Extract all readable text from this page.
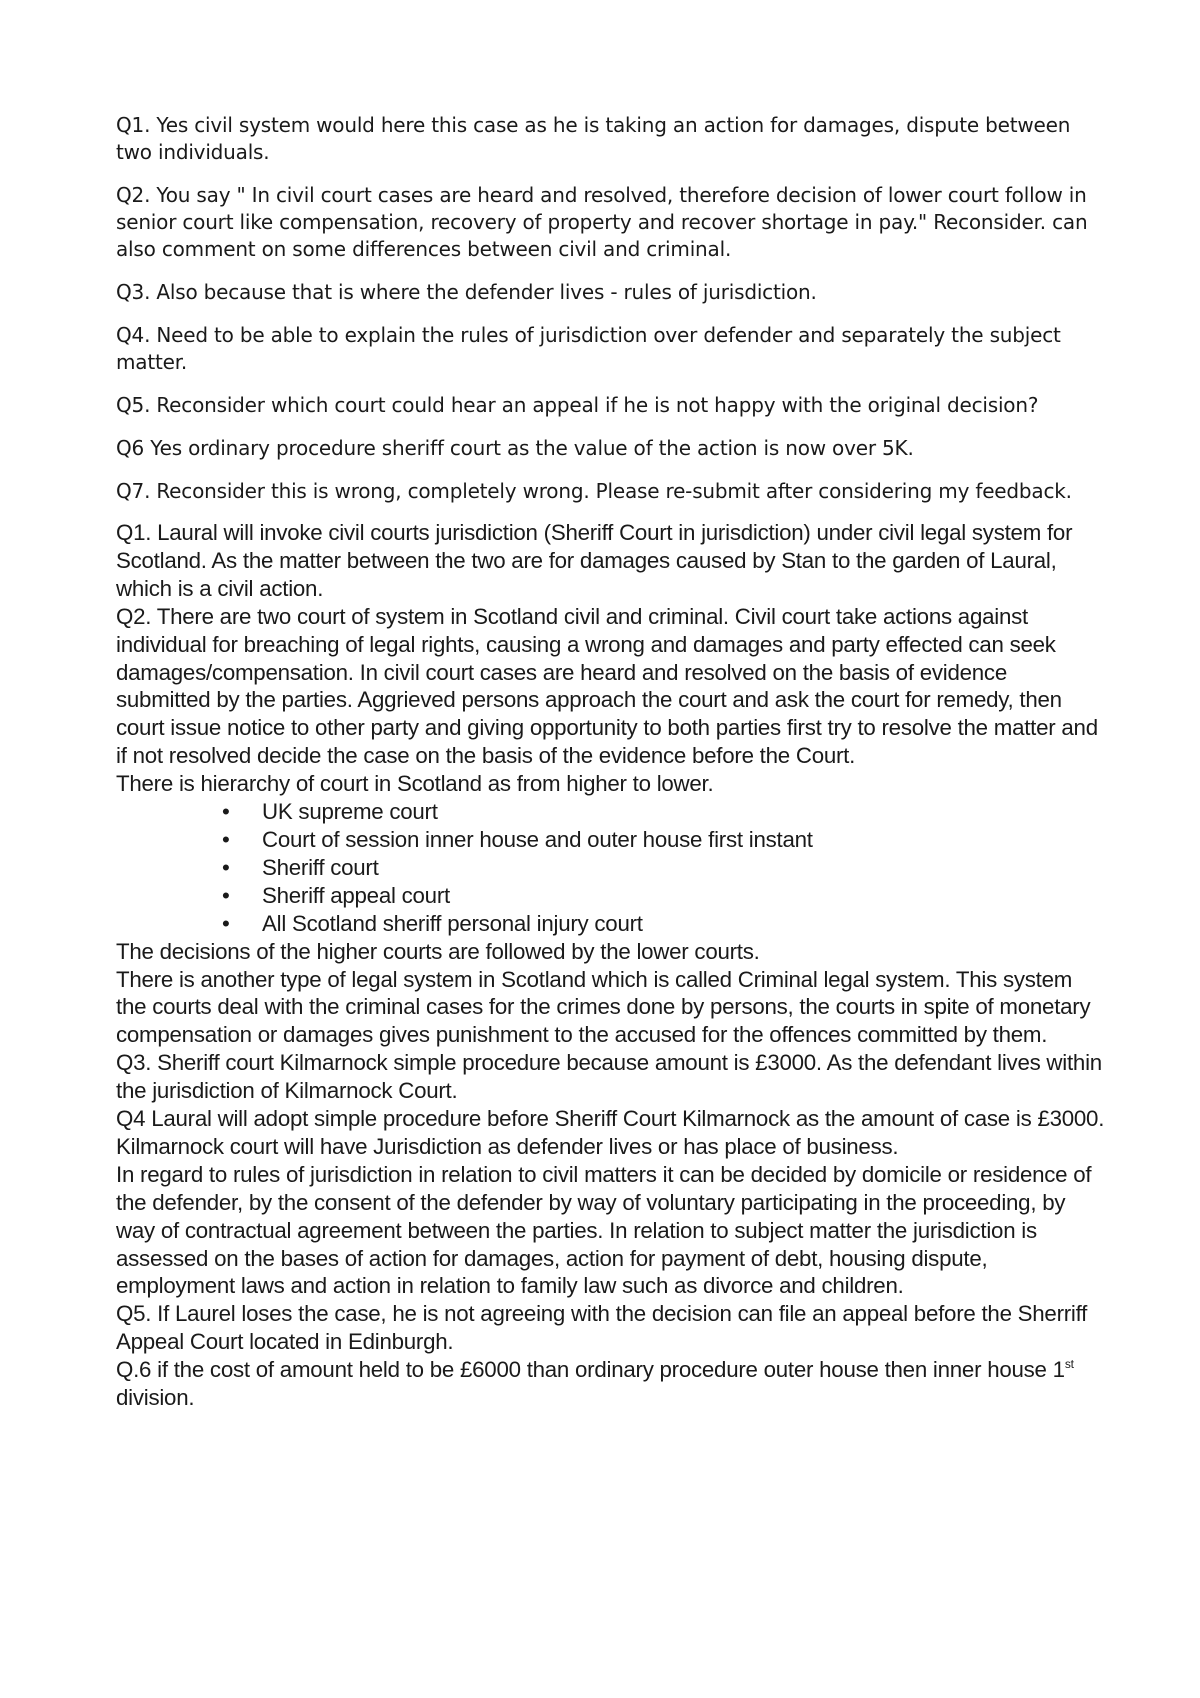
Q1. Yes civil system would here this case as he is taking an action for damages, dispute between two individuals.

Q2. You say " In civil court cases are heard and resolved, therefore decision of lower court follow in senior court like compensation, recovery of property and recover shortage in pay." Reconsider. can also comment on some differences between civil and criminal.

Q3. Also because that is where the defender lives - rules of jurisdiction.

Q4. Need to be able to explain the rules of jurisdiction over defender and separately the subject matter.

Q5. Reconsider which court could hear an appeal if he is not happy with the original decision?

Q6 Yes ordinary procedure sheriff court as the value of the action is now over 5K.

Q7. Reconsider this is wrong, completely wrong. Please re-submit after considering my feedback.

Q1. Laural will invoke civil courts jurisdiction (Sheriff Court in jurisdiction) under civil legal system for Scotland. As the matter between the two are for damages caused by Stan to the garden of Laural, which is a civil action.

Q2. There are two court of system in Scotland civil and criminal. Civil court take actions against individual for breaching of legal rights, causing a wrong and damages and party effected can seek damages/compensation. In civil court cases are heard and resolved on the basis of evidence submitted by the parties. Aggrieved persons approach the court and ask the court for remedy, then court issue notice to other party and giving opportunity to both parties first try to resolve the matter and if not resolved decide the case on the basis of the evidence before the Court.

There is hierarchy of court in Scotland as from higher to lower.

• UK supreme court
• Court of session inner house and outer house first instant
• Sheriff court
• Sheriff appeal court
• All Scotland sheriff personal injury court

The decisions of the higher courts are followed by the lower courts.

There is another type of legal system in Scotland which is called Criminal legal system. This system the courts deal with the criminal cases for the crimes done by persons, the courts in spite of monetary compensation or damages gives punishment to the accused for the offences committed by them.

Q3. Sheriff court Kilmarnock simple procedure because amount is £3000. As the defendant lives within the jurisdiction of Kilmarnock Court.

Q4 Laural will adopt simple procedure before Sheriff Court Kilmarnock as the amount of case is £3000. Kilmarnock court will have Jurisdiction as defender lives or has place of business.

In regard to rules of jurisdiction in relation to civil matters it can be decided by domicile or residence of the defender, by the consent of the defender by way of voluntary participating in the proceeding, by way of contractual agreement between the parties. In relation to subject matter the jurisdiction is assessed on the bases of action for damages, action for payment of debt, housing dispute, employment laws and action in relation to family law such as divorce and children.

Q5. If Laurel loses the case, he is not agreeing with the decision can file an appeal before the Sherriff Appeal Court located in Edinburgh.

Q.6 if the cost of amount held to be £6000 than ordinary procedure outer house then inner house 1st division.
